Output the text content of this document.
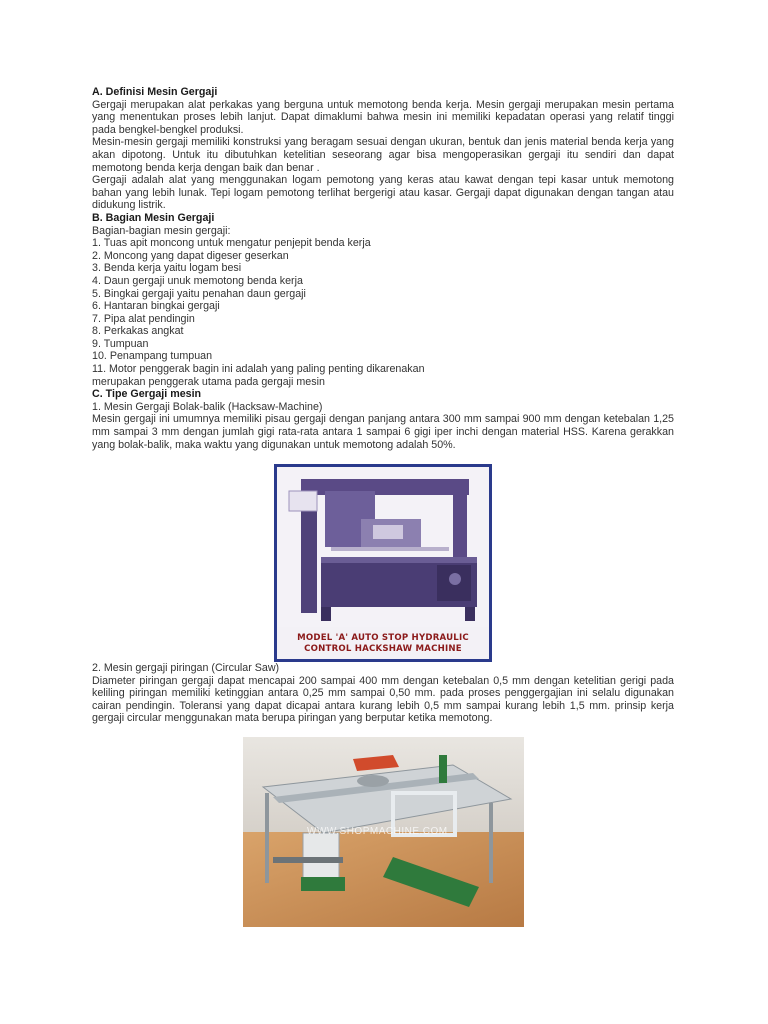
A. Definisi Mesin Gergaji

Gergaji merupakan alat perkakas yang berguna untuk memotong benda kerja. Mesin gergaji merupakan mesin pertama yang menentukan proses lebih lanjut. Dapat dimaklumi bahwa mesin ini memiliki kepadatan operasi yang relatif tinggi pada bengkel-bengkel produksi.

Mesin-mesin gergaji memiliki konstruksi yang beragam sesuai dengan ukuran, bentuk dan jenis material benda kerja yang akan dipotong. Untuk itu dibutuhkan ketelitian seseorang agar bisa mengoperasikan gergaji itu sendiri dan dapat memotong benda kerja dengan baik dan benar .

Gergaji adalah alat yang menggunakan logam pemotong yang keras atau kawat dengan tepi kasar untuk memotong bahan yang lebih lunak. Tepi logam pemotong terlihat bergerigi atau kasar. Gergaji dapat digunakan dengan tangan atau didukung listrik.

B. Bagian Mesin Gergaji

Bagian-bagian mesin gergaji:

1. Tuas apit moncong untuk mengatur penjepit benda kerja

2. Moncong yang dapat digeser geserkan

3. Benda kerja yaitu logam besi

4. Daun gergaji unuk memotong benda kerja

5. Bingkai gergaji yaitu penahan daun gergaji

6. Hantaran bingkai gergaji

7. Pipa alat pendingin

8. Perkakas angkat

9. Tumpuan

10. Penampang tumpuan

11. Motor penggerak bagin ini adalah yang paling penting dikarenakan

merupakan penggerak utama pada gergaji mesin

C. Tipe Gergaji mesin

1. Mesin Gergaji Bolak-balik (Hacksaw-Machine)

Mesin gergaji ini umumnya memiliki pisau gergaji dengan panjang antara 300 mm sampai 900 mm dengan ketebalan 1,25 mm sampai 3 mm dengan jumlah gigi rata-rata antara 1 sampai 6 gigi iper inchi dengan material HSS. Karena gerakkan yang bolak-balik, maka waktu yang digunakan untuk memotong adalah 50%.

MODEL 'A' AUTO STOP HYDRAULIC
CONTROL HACKSHAW MACHINE

2. Mesin gergaji piringan (Circular Saw)

Diameter piringan gergaji dapat mencapai 200 sampai 400 mm dengan ketebalan 0,5 mm dengan ketelitian gerigi pada keliling piringan memiliki ketinggian antara 0,25 mm sampai 0,50 mm. pada proses penggergajian ini selalu digunakan cairan pendingin. Toleransi yang dapat dicapai antara kurang lebih 0,5 mm sampai kurang lebih 1,5 mm. prinsip kerja gergaji circular menggunakan mata berupa piringan yang berputar ketika memotong.

WWW.SHOPMACHINE.COM
